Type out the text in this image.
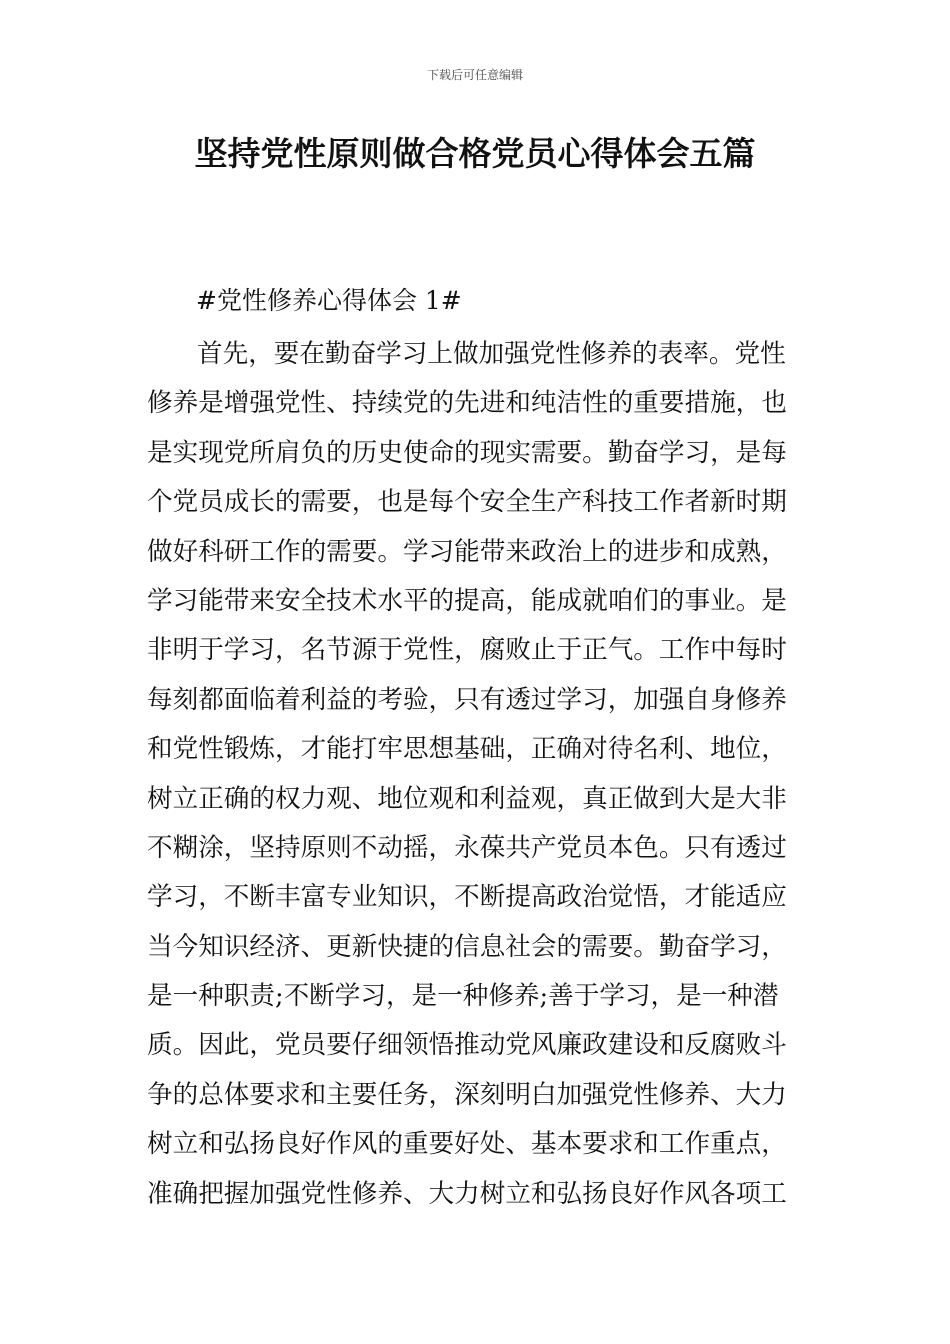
下载后可任意编辑
坚持党性原则做合格党员心得体会五篇
#党性修养心得体会 1#
首先，要在勤奋学习上做加强党性修养的表率。党性
修养是增强党性、持续党的先进和纯洁性的重要措施，也
是实现党所肩负的历史使命的现实需要。勤奋学习，是每
个党员成长的需要，也是每个安全生产科技工作者新时期
做好科研工作的需要。学习能带来政治上的进步和成熟，
学习能带来安全技术水平的提高，能成就咱们的事业。是
非明于学习，名节源于党性，腐败止于正气。工作中每时
每刻都面临着利益的考验，只有透过学习，加强自身修养
和党性锻炼，才能打牢思想基础，正确对待名利、地位，
树立正确的权力观、地位观和利益观，真正做到大是大非
不糊涂，坚持原则不动摇，永葆共产党员本色。只有透过
学习，不断丰富专业知识，不断提高政治觉悟，才能适应
当今知识经济、更新快捷的信息社会的需要。勤奋学习，
是一种职责;不断学习，是一种修养;善于学习，是一种潜
质。因此，党员要仔细领悟推动党风廉政建设和反腐败斗
争的总体要求和主要任务，深刻明白加强党性修养、大力
树立和弘扬良好作风的重要好处、基本要求和工作重点，
准确把握加强党性修养、大力树立和弘扬良好作风各项工
